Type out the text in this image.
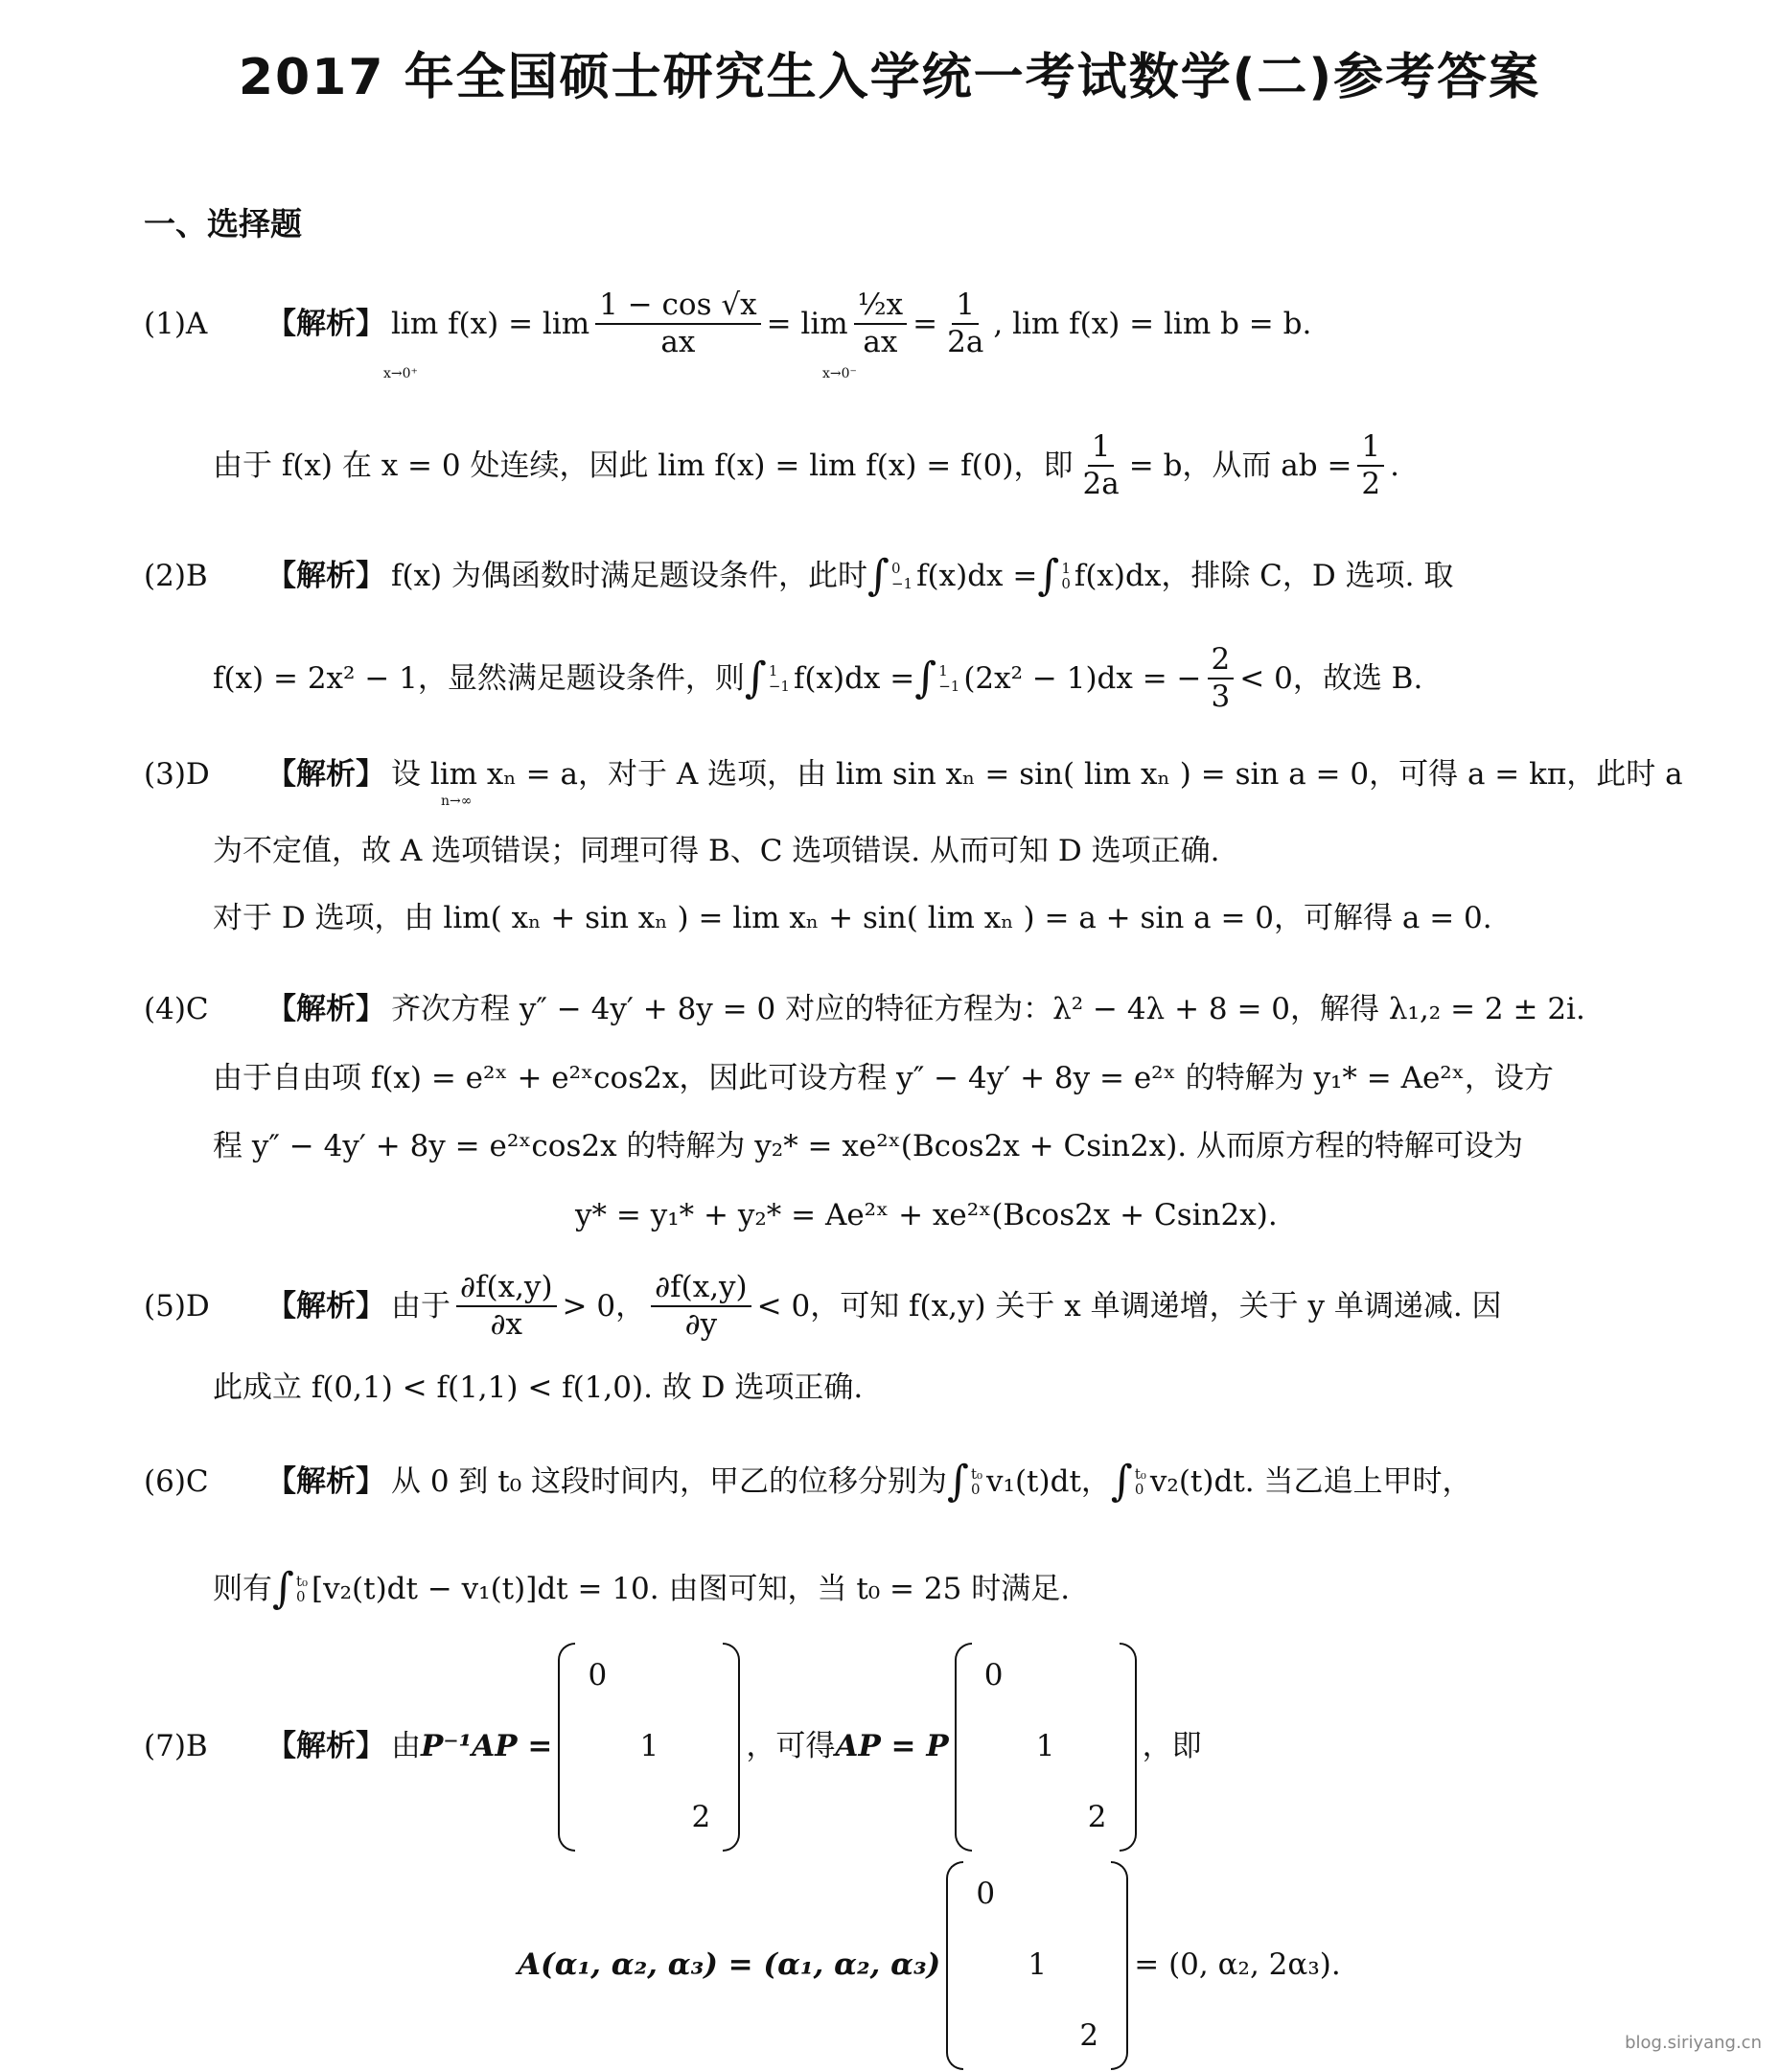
2017 年全国硕士研究生入学统一考试数学(二)参考答案
一、选择题
(1)A	【解析】 $\lim f(x) = \lim \frac{1 - \cos √x}{ax} = \lim \frac{\text{½x}}{ax} = \frac{1}{2a}$ , lim f(x) = lim b = b.
x→0⁺	x→0⁻
由于 f(x) 在 x = 0 处连续，因此 lim f(x) = lim f(x) = f(0)，即 $\frac{1}{2a} = b$，从而 ab = $\frac{1}{2}$ .
(2)B	【解析】 f(x) 为偶函数时满足题设条件，此时 ∫ 0
−1 f(x)dx = ∫ 1
0 f(x)dx，排除 C，D 选项. 取
f(x) = 2x² − 1，显然满足题设条件，则 ∫ 1
−1 f(x)dx = ∫ 1
−1 (2x² − 1)dx = − $\frac{2}{3} < 0$，故选 B.
(3)D	【解析】 设 lim xₙ = a，对于 A 选项，由 lim sin xₙ = sin( lim xₙ ) = sin a = 0，可得 a = kπ，此时 a
n→∞
为不定值，故 A 选项错误；同理可得 B、C 选项错误. 从而可知 D 选项正确.
对于 D 选项，由 lim( xₙ + sin xₙ ) = lim xₙ + sin( lim xₙ ) = a + sin a = 0，可解得 a = 0.
(4)C	【解析】 齐次方程 y″ − 4y′ + 8y = 0 对应的特征方程为：λ² − 4λ + 8 = 0，解得 λ₁,₂ = 2 ± 2i.
由于自由项 f(x) = e²ˣ + e²ˣcos2x，因此可设方程 y″ − 4y′ + 8y = e²ˣ 的特解为 y₁* = Ae²ˣ，设方
程 y″ − 4y′ + 8y = e²ˣcos2x 的特解为 y₂* = xe²ˣ(Bcos2x + Csin2x). 从而原方程的特解可设为
y* = y₁* + y₂* = Ae²ˣ + xe²ˣ(Bcos2x + Csin2x).
(5)D	【解析】 由于 $\frac{\partial f(x,y)}{\partial x} > 0$， $\frac{\partial f(x,y)}{\partial y} < 0$，可知 f(x,y) 关于 x 单调递增，关于 y 单调递减. 因
此成立 f(0,1) < f(1,1) < f(1,0). 故 D 选项正确.
(6)C	【解析】 从 0 到 t₀ 这段时间内，甲乙的位移分别为 ∫ t₀
0 v₁(t)dt， ∫ t₀
0 v₂(t)dt. 当乙追上甲时，
则有 ∫ t₀
0 [v₂(t)dt − v₁(t)]dt = 10. 由图可知，当 t₀ = 25 时满足.
(7)B	【解析】 由 P⁻¹AP =
0
1
2
，可得 AP = P
0
1
2
，即
A(α₁, α₂, α₃) = (α₁, α₂, α₃)
0
1
2
= (0, α₂, 2α₃).
blog.siriyang.cn
